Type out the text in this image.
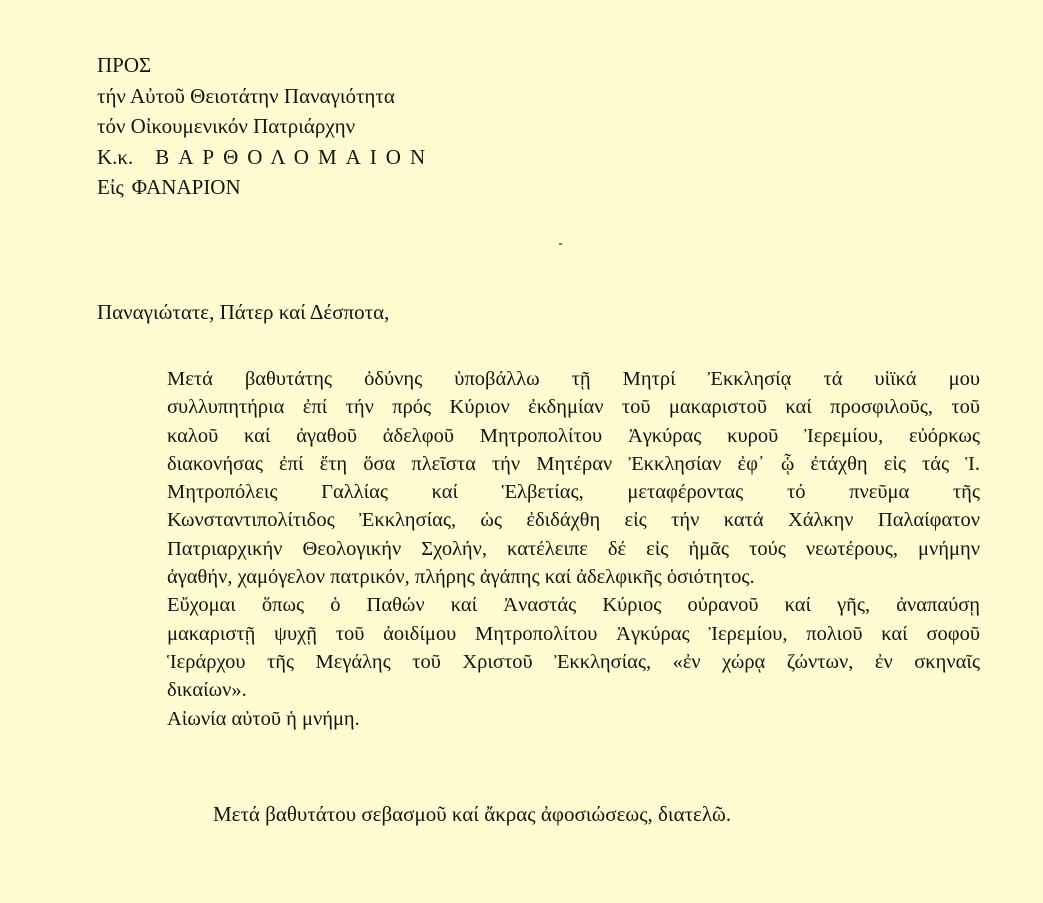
ΠΡΟΣ
τήν Αὐτοῦ Θειοτάτην Παναγιότητα
τόν Οἰκουμενικόν Πατριάρχην
Κ.κ. ΒΑΡΘΟΛΟΜΑΙΟΝ
Εἰς ΦΑΝΑΡΙΟΝ
Παναγιώτατε, Πάτερ καί Δέσποτα,

Μετά βαθυτάτης ὀδύνης ὑποβάλλω τῇ Μητρί Ἐκκλησίᾳ τά υἱϊκά μου
συλλυπητήρια ἐπί τήν πρός Κύριον ἐκδημίαν τοῦ μακαριστοῦ καί προσφιλοῦς, τοῦ
καλοῦ καί ἀγαθοῦ ἀδελφοῦ Μητροπολίτου Ἀγκύρας κυροῦ Ἰερεμίου, εὐόρκως
διακονήσας ἐπί ἔτη ὅσα πλεῖστα τήν Μητέραν Ἐκκλησίαν ἐφ᾽ ᾧ ἐτάχθη εἰς τάς Ἱ.
Μητροπόλεις Γαλλίας καί Ἑλβετίας, μεταφέροντας τό πνεῦμα τῆς
Κωνσταντιπολίτιδος Ἐκκλησίας, ὡς ἐδιδάχθη εἰς τήν κατά Χάλκην Παλαίφατον
Πατριαρχικήν Θεολογικήν Σχολήν, κατέλειπε δέ εἰς ἡμᾶς τούς νεωτέρους, μνήμην
ἀγαθήν, χαμόγελον πατρικόν, πλήρης ἀγάπης καί ἀδελφικῆς ὁσιότητος.

Εὔχομαι ὅπως ὁ Παθών καί Ἀναστάς Κύριος οὐρανοῦ καί γῆς, ἀναπαύσῃ
μακαριστῇ ψυχῇ τοῦ ἀοιδίμου Μητροπολίτου Ἀγκύρας Ἰερεμίου, πολιοῦ καί σοφοῦ
Ἱεράρχου τῆς Μεγάλης τοῦ Χριστοῦ Ἐκκλησίας, «ἐν χώρᾳ ζώντων, ἐν σκηναῖς
δικαίων».

Αἰωνία αὐτοῦ ἡ μνήμη.

Μετά βαθυτάτου σεβασμοῦ καί ἄκρας ἀφοσιώσεως, διατελῶ.
